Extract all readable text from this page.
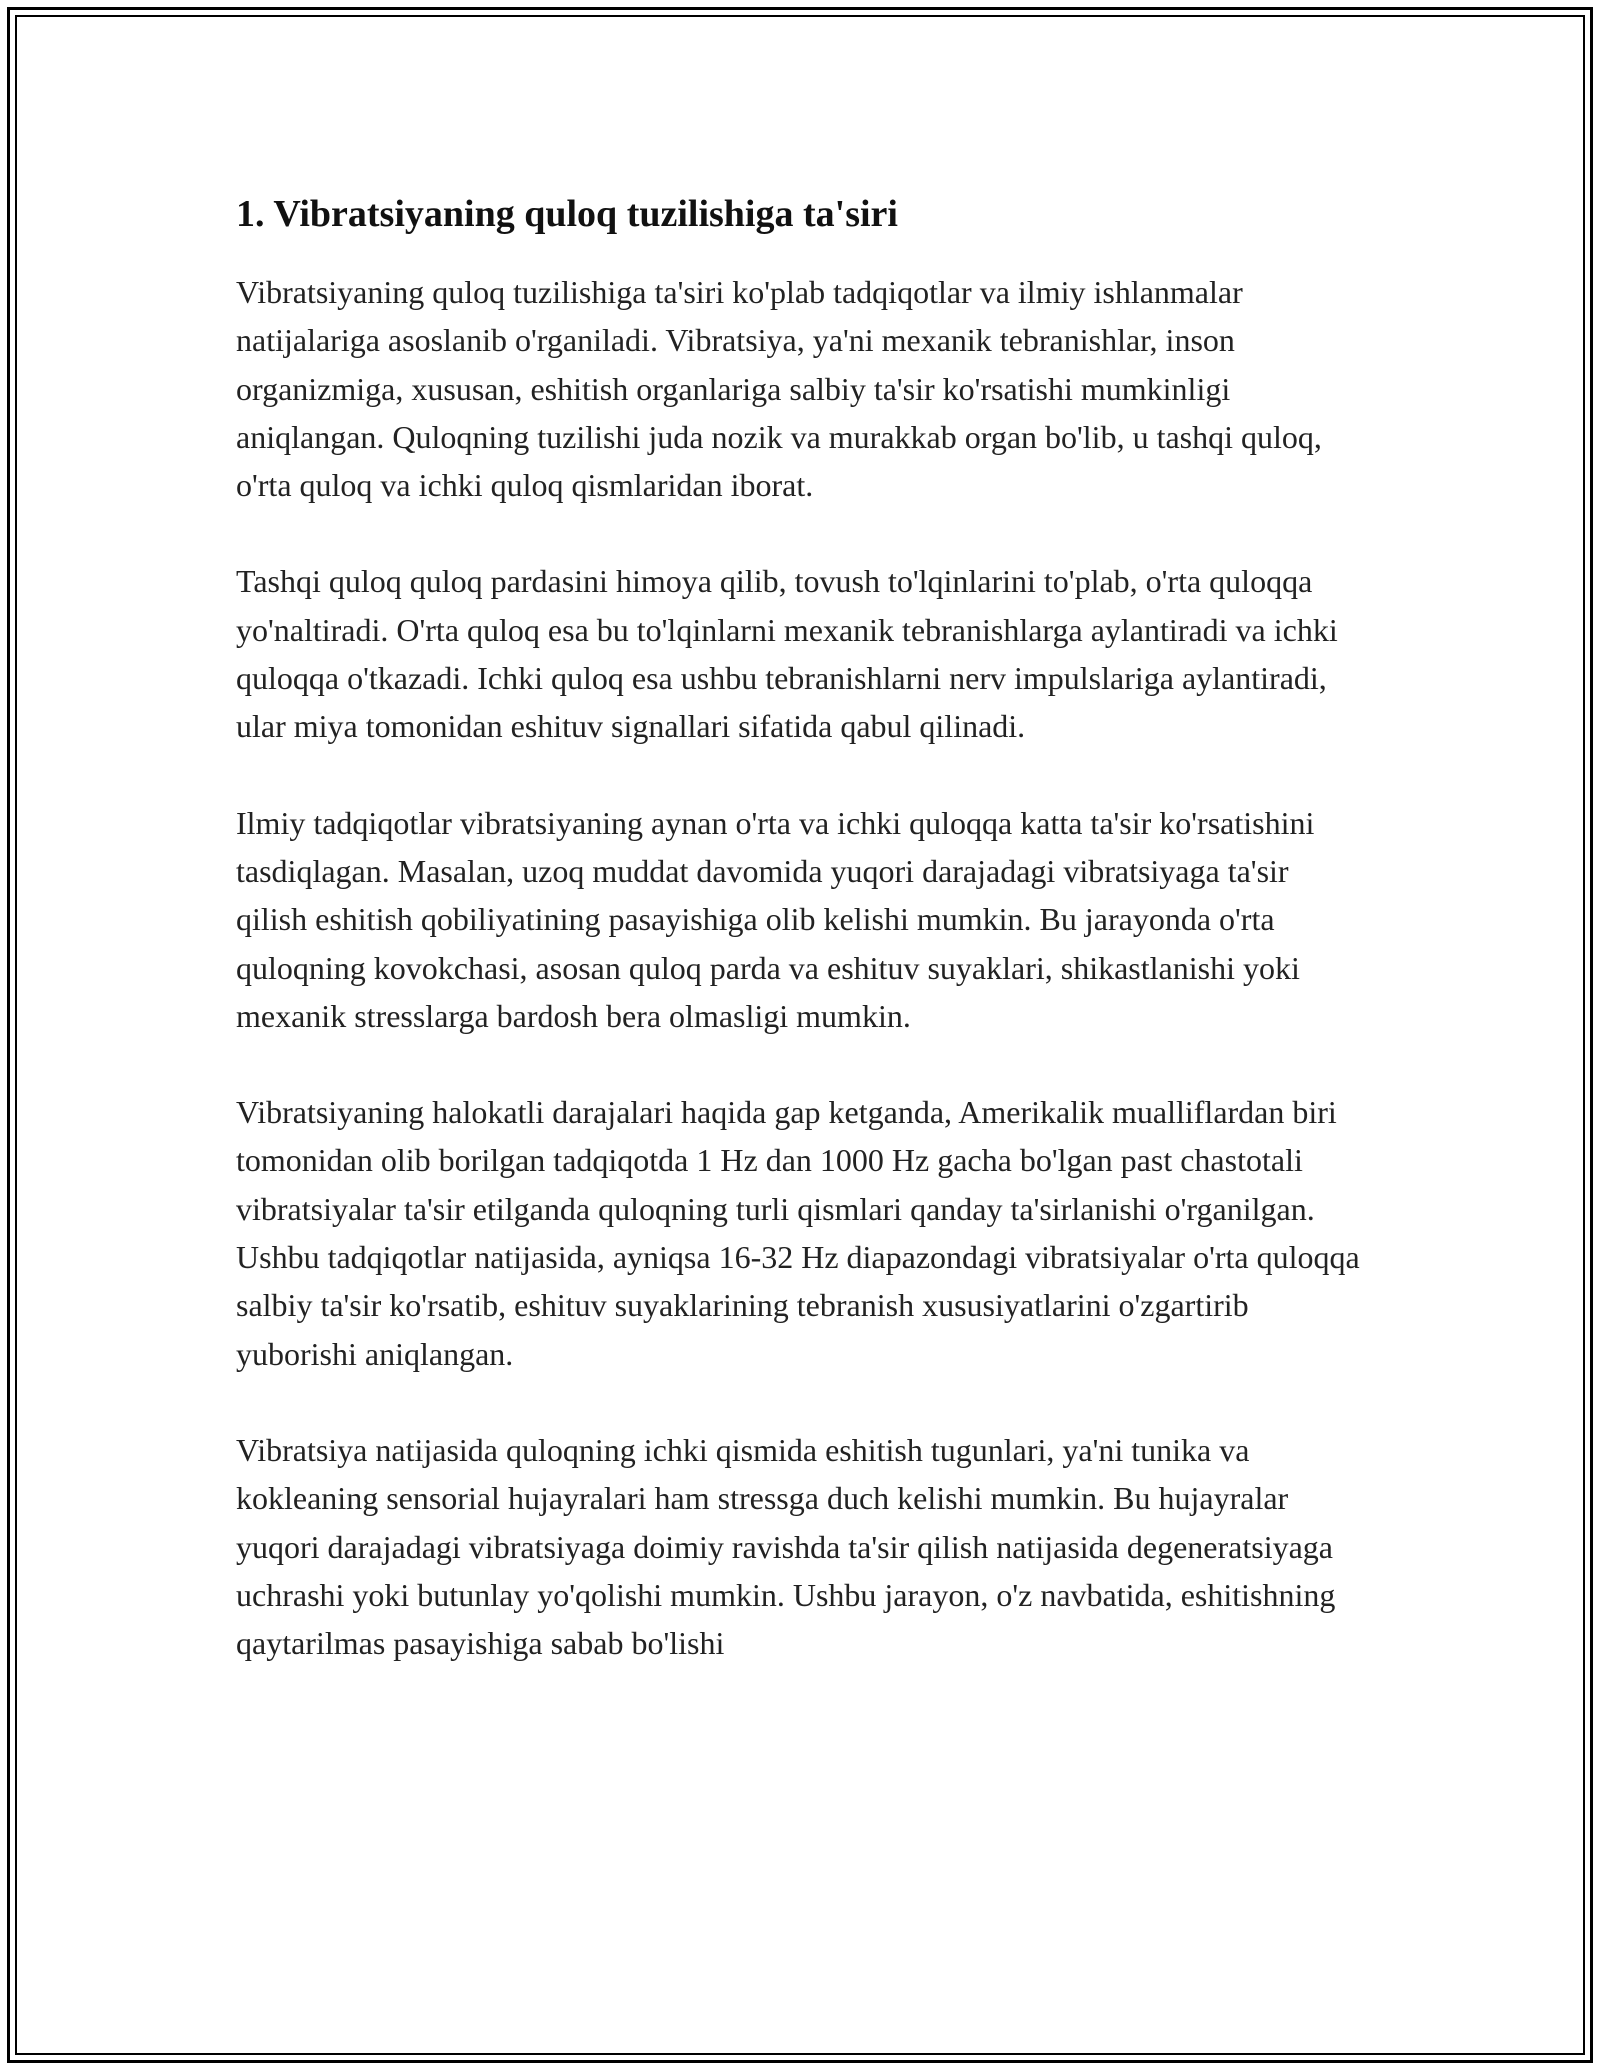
1. Vibratsiyaning quloq tuzilishiga ta'siri

Vibratsiyaning quloq tuzilishiga ta'siri ko'plab tadqiqotlar va ilmiy ishlanmalar natijalariga asoslanib o'rganiladi. Vibratsiya, ya'ni mexanik tebranishlar, inson organizmiga, xususan, eshitish organlariga salbiy ta'sir ko'rsatishi mumkinligi aniqlangan. Quloqning tuzilishi juda nozik va murakkab organ bo'lib, u tashqi quloq, o'rta quloq va ichki quloq qismlaridan iborat.

Tashqi quloq quloq pardasini himoya qilib, tovush to'lqinlarini to'plab, o'rta quloqqa yo'naltiradi. O'rta quloq esa bu to'lqinlarni mexanik tebranishlarga aylantiradi va ichki quloqqa o'tkazadi. Ichki quloq esa ushbu tebranishlarni nerv impulslariga aylantiradi, ular miya tomonidan eshituv signallari sifatida qabul qilinadi.

Ilmiy tadqiqotlar vibratsiyaning aynan o'rta va ichki quloqqa katta ta'sir ko'rsatishini tasdiqlagan. Masalan, uzoq muddat davomida yuqori darajadagi vibratsiyaga ta'sir qilish eshitish qobiliyatining pasayishiga olib kelishi mumkin. Bu jarayonda o'rta quloqning kovokchasi, asosan quloq parda va eshituv suyaklari, shikastlanishi yoki mexanik stresslarga bardosh bera olmasligi mumkin.

Vibratsiyaning halokatli darajalari haqida gap ketganda, Amerikalik mualliflardan biri tomonidan olib borilgan tadqiqotda 1 Hz dan 1000 Hz gacha bo'lgan past chastotali vibratsiyalar ta'sir etilganda quloqning turli qismlari qanday ta'sirlanishi o'rganilgan. Ushbu tadqiqotlar natijasida, ayniqsa 16-32 Hz diapazondagi vibratsiyalar o'rta quloqqa salbiy ta'sir ko'rsatib, eshituv suyaklarining tebranish xususiyatlarini o'zgartirib yuborishi aniqlangan.

Vibratsiya natijasida quloqning ichki qismida eshitish tugunlari, ya'ni tunika va kokleaning sensorial hujayralari ham stressga duch kelishi mumkin. Bu hujayralar yuqori darajadagi vibratsiyaga doimiy ravishda ta'sir qilish natijasida degeneratsiyaga uchrashi yoki butunlay yo'qolishi mumkin. Ushbu jarayon, o'z navbatida, eshitishning qaytarilmas pasayishiga sabab bo'lishi
